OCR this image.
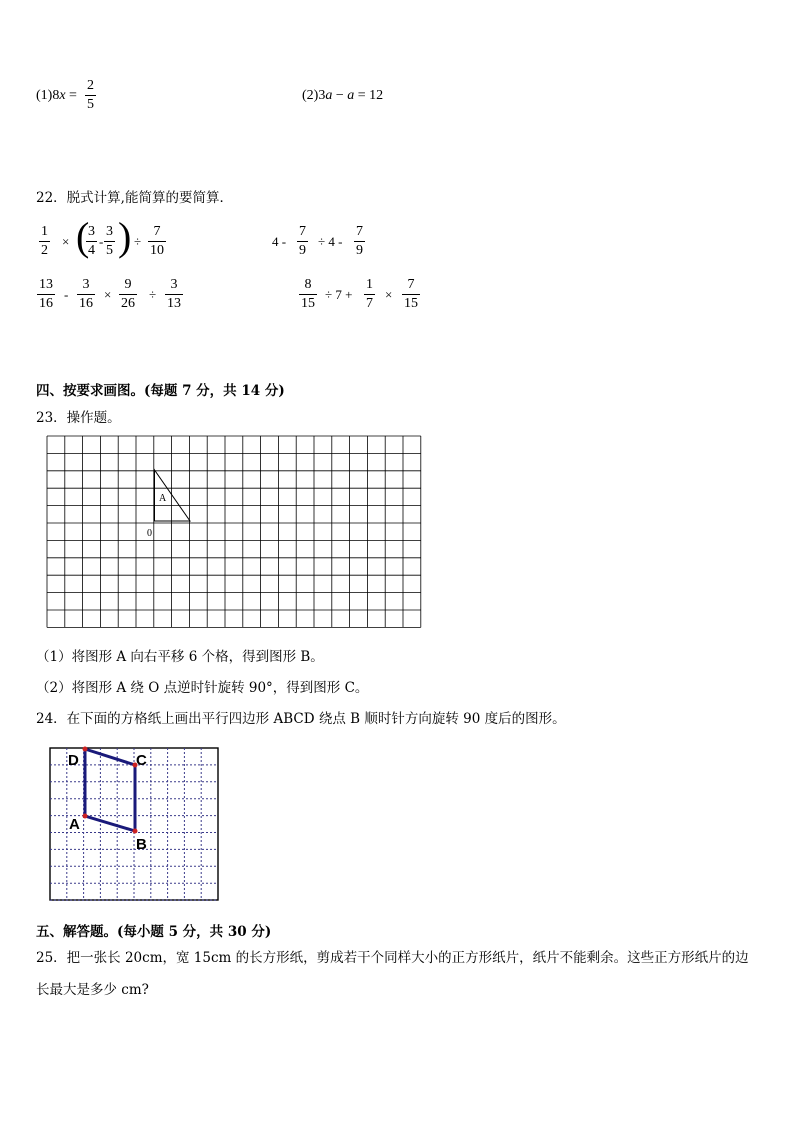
(1)8x =
2
5
(2)3a − a = 12
22．脱式计算,能简算的要简算．
1
2
× (
3
4
-
3
5 ) ÷
7
10
4 -
7
9
÷ 4 -
7
9
13
16
-
3
16
×
9
26
÷
3
13
8
15
÷ 7 +
1
7
×
7
15
四、按要求画图。(每题 7 分，共 14 分)
23．操作题。
A
0
（1）将图形 A 向右平移 6 个格，得到图形 B。
（2）将图形 A 绕 O 点逆时针旋转 90°，得到图形 C。
24．在下面的方格纸上画出平行四边形 ABCD 绕点 B 顺时针方向旋转 90 度后的图形。
D	C
A
B
五、解答题。(每小题 5 分，共 30 分)
25．把一张长 20cm，宽 15cm 的长方形纸，剪成若干个同样大小的正方形纸片，纸片不能剩余。这些正方形纸片的边
长最大是多少 cm?
